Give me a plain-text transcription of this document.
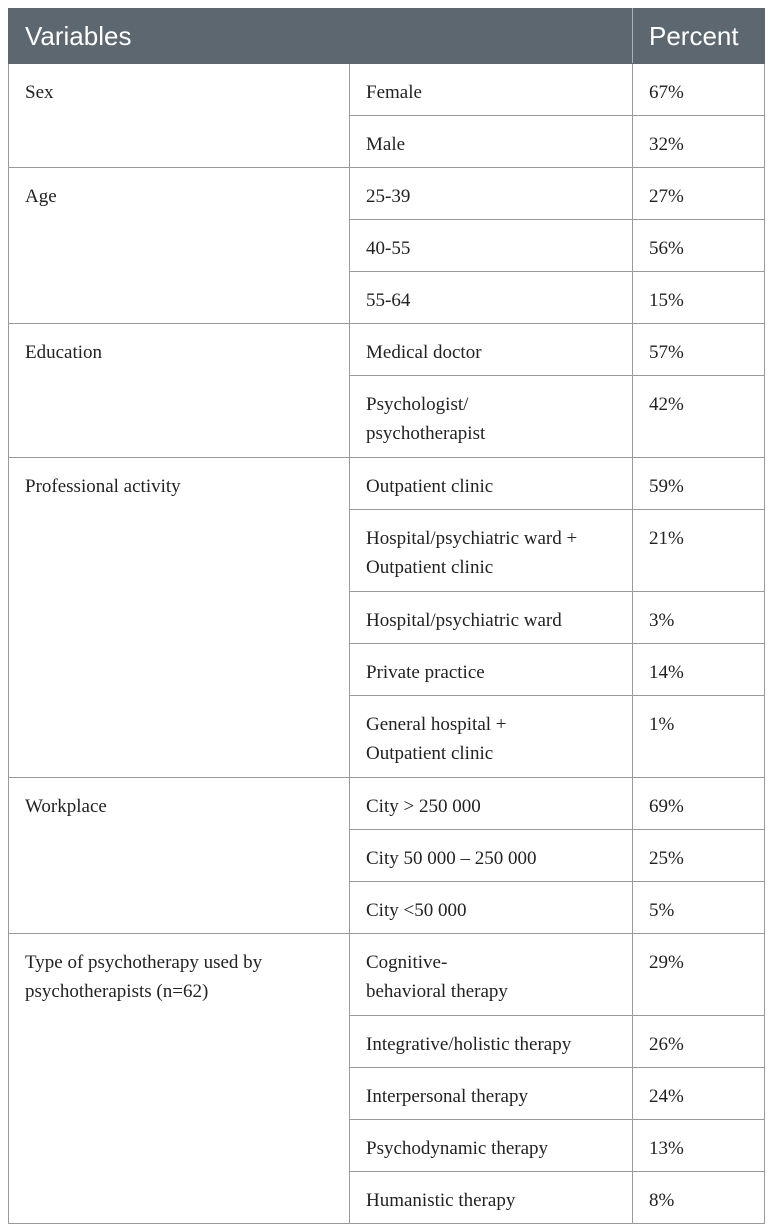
Variables		Percent
Sex	Female	67%
	Male	32%
Age	25-39	27%
	40-55	56%
	55-64	15%
Education	Medical doctor	57%
	Psychologist/
psychotherapist	42%
Professional activity	Outpatient clinic	59%
	Hospital/psychiatric ward +
Outpatient clinic	21%
	Hospital/psychiatric ward	3%
	Private practice	14%
	General hospital +
Outpatient clinic	1%
Workplace	City > 250 000	69%
	City 50 000 – 250 000	25%
	City <50 000	5%
Type of psychotherapy used by
psychotherapists (n=62)	Cognitive-
behavioral therapy	29%
	Integrative/holistic therapy	26%
	Interpersonal therapy	24%
	Psychodynamic therapy	13%
	Humanistic therapy	8%
